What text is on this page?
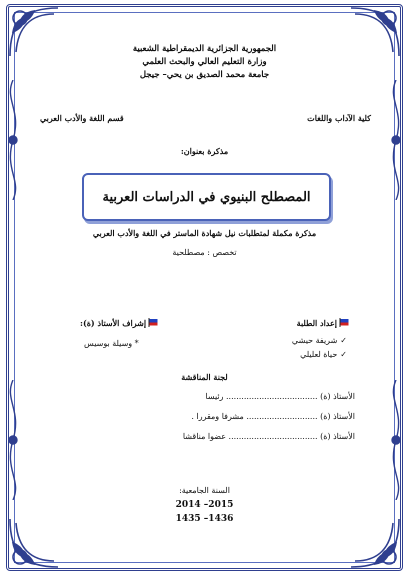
الجمهورية الجزائرية الديمقراطية الشعبية
وزارة التعليم العالي والبحث العلمي
جامعة محمد الصديق بن يحي– جيجل
كلية الآداب واللغات
قسم اللغة والأدب العربي
مذكرة بعنوان:
المصطلح البنيوي في الدراسات العربية
مذكرة مكملة لمتطلبات نيل شهادة الماستر في اللغة والأدب العربي
تخصص : مصطلحية
إعداد الطلبة
✓شريفة حيشي
✓حياة لعليلي
إشراف الأستاذ (ة):
* وسيلة بوسيس
لجنة المناقشة
الأستاذ (ة) .................................... رئيسا
الأستاذ (ة) ............................ مشرفا ومقررا .
الأستاذ (ة) ................................... عضوا مناقشا
السنة الجامعية:
2014 –2015
1435 –1436
